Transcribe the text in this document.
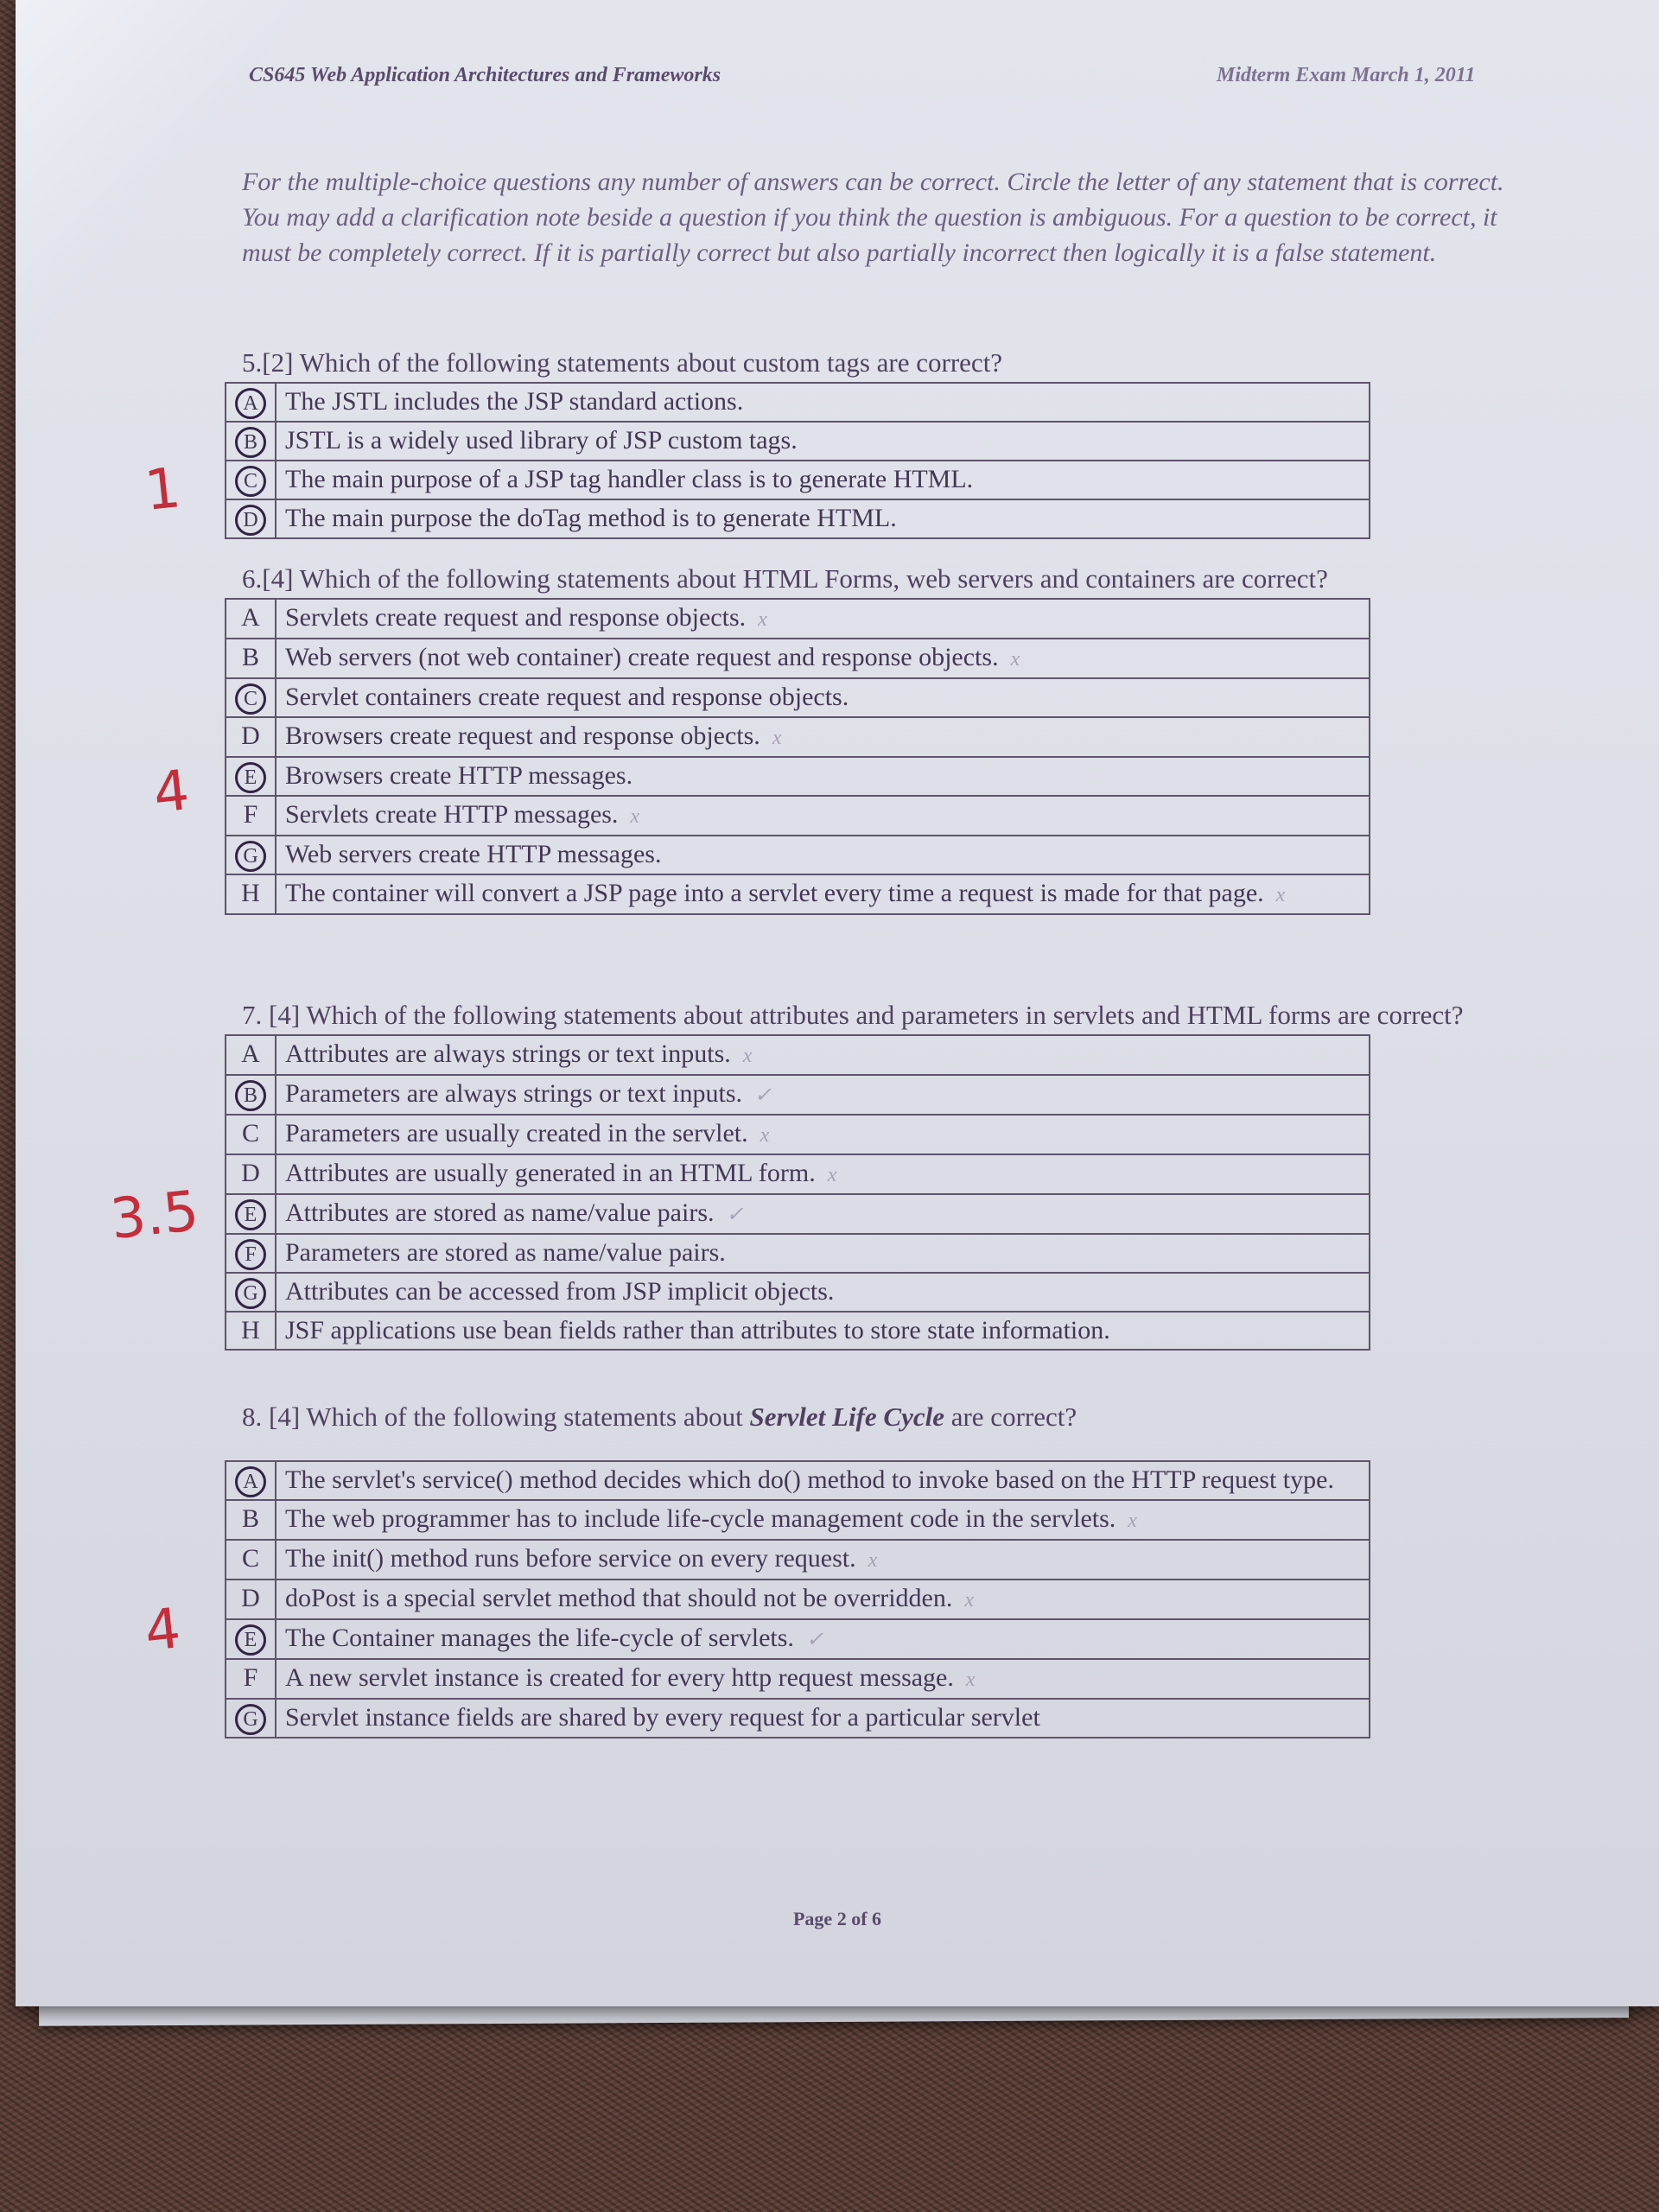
CS645 Web Application Architectures and Frameworks	Midterm Exam March 1, 2011
For the multiple-choice questions any number of answers can be correct. Circle the letter of any statement that is correct. You may add a clarification note beside a question if you think the question is ambiguous. For a question to be correct, it must be completely correct. If it is partially correct but also partially incorrect then logically it is a false statement.
5.[2] Which of the following statements about custom tags are correct?
A	The JSTL includes the JSP standard actions.
B	JSTL is a widely used library of JSP custom tags.
C	The main purpose of a JSP tag handler class is to generate HTML.
D	The main purpose the doTag method is to generate HTML.
1
6.[4] Which of the following statements about HTML Forms, web servers and containers are correct?
A	Servlets create request and response objects. x
B	Web servers (not web container) create request and response objects. x
C	Servlet containers create request and response objects.
D	Browsers create request and response objects. x
E	Browsers create HTTP messages.
F	Servlets create HTTP messages. x
G	Web servers create HTTP messages.
H	The container will convert a JSP page into a servlet every time a request is made for that page. x
4
7. [4] Which of the following statements about attributes and parameters in servlets and HTML forms are correct?
A	Attributes are always strings or text inputs. x
B	Parameters are always strings or text inputs. ✓
C	Parameters are usually created in the servlet. x
D	Attributes are usually generated in an HTML form. x
E	Attributes are stored as name/value pairs. ✓
F	Parameters are stored as name/value pairs.
G	Attributes can be accessed from JSP implicit objects.
H	JSF applications use bean fields rather than attributes to store state information.
3.5
8. [4] Which of the following statements about Servlet Life Cycle are correct?
A	The servlet's service() method decides which do() method to invoke based on the HTTP request type.
B	The web programmer has to include life-cycle management code in the servlets. x
C	The init() method runs before service on every request. x
D	doPost is a special servlet method that should not be overridden. x
E	The Container manages the life-cycle of servlets. ✓
F	A new servlet instance is created for every http request message. x
G	Servlet instance fields are shared by every request for a particular servlet
4
Page 2 of 6
